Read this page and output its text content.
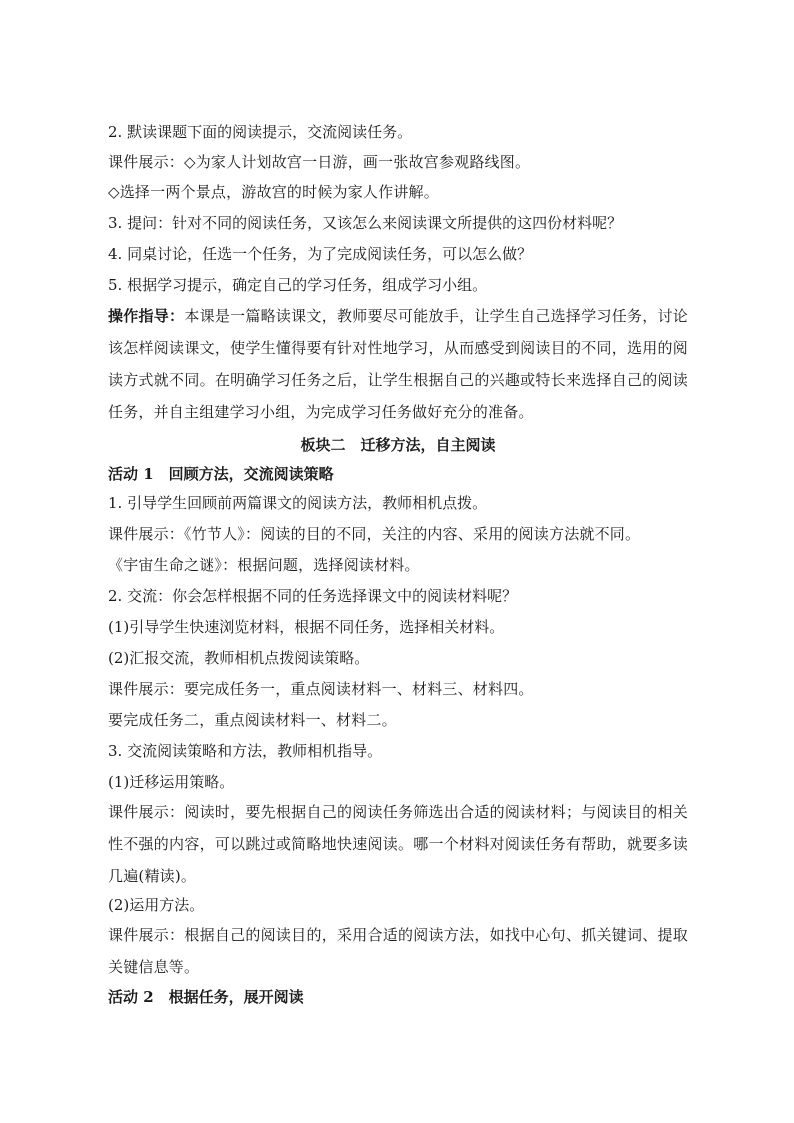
2. 默读课题下面的阅读提示，交流阅读任务。
课件展示：◇为家人计划故宫一日游，画一张故宫参观路线图。
◇选择一两个景点，游故宫的时候为家人作讲解。
3. 提问：针对不同的阅读任务，又该怎么来阅读课文所提供的这四份材料呢？
4. 同桌讨论，任选一个任务，为了完成阅读任务，可以怎么做？
5. 根据学习提示，确定自己的学习任务，组成学习小组。
操作指导：本课是一篇略读课文，教师要尽可能放手，让学生自己选择学习任务，讨论该怎样阅读课文，使学生懂得要有针对性地学习，从而感受到阅读目的不同，选用的阅读方式就不同。在明确学习任务之后，让学生根据自己的兴趣或特长来选择自己的阅读任务，并自主组建学习小组，为完成学习任务做好充分的准备。
板块二　迁移方法，自主阅读
活动 1　回顾方法，交流阅读策略
1. 引导学生回顾前两篇课文的阅读方法，教师相机点拨。
课件展示：《竹节人》：阅读的目的不同，关注的内容、采用的阅读方法就不同。
《宇宙生命之谜》：根据问题，选择阅读材料。
2. 交流：你会怎样根据不同的任务选择课文中的阅读材料呢？
(1)引导学生快速浏览材料，根据不同任务，选择相关材料。
(2)汇报交流，教师相机点拨阅读策略。
课件展示：要完成任务一，重点阅读材料一、材料三、材料四。
要完成任务二，重点阅读材料一、材料二。
3. 交流阅读策略和方法，教师相机指导。
(1)迁移运用策略。
课件展示：阅读时，要先根据自己的阅读任务筛选出合适的阅读材料；与阅读目的相关性不强的内容，可以跳过或简略地快速阅读。哪一个材料对阅读任务有帮助，就要多读几遍(精读)。
(2)运用方法。
课件展示：根据自己的阅读目的，采用合适的阅读方法，如找中心句、抓关键词、提取关键信息等。
活动 2　根据任务，展开阅读
